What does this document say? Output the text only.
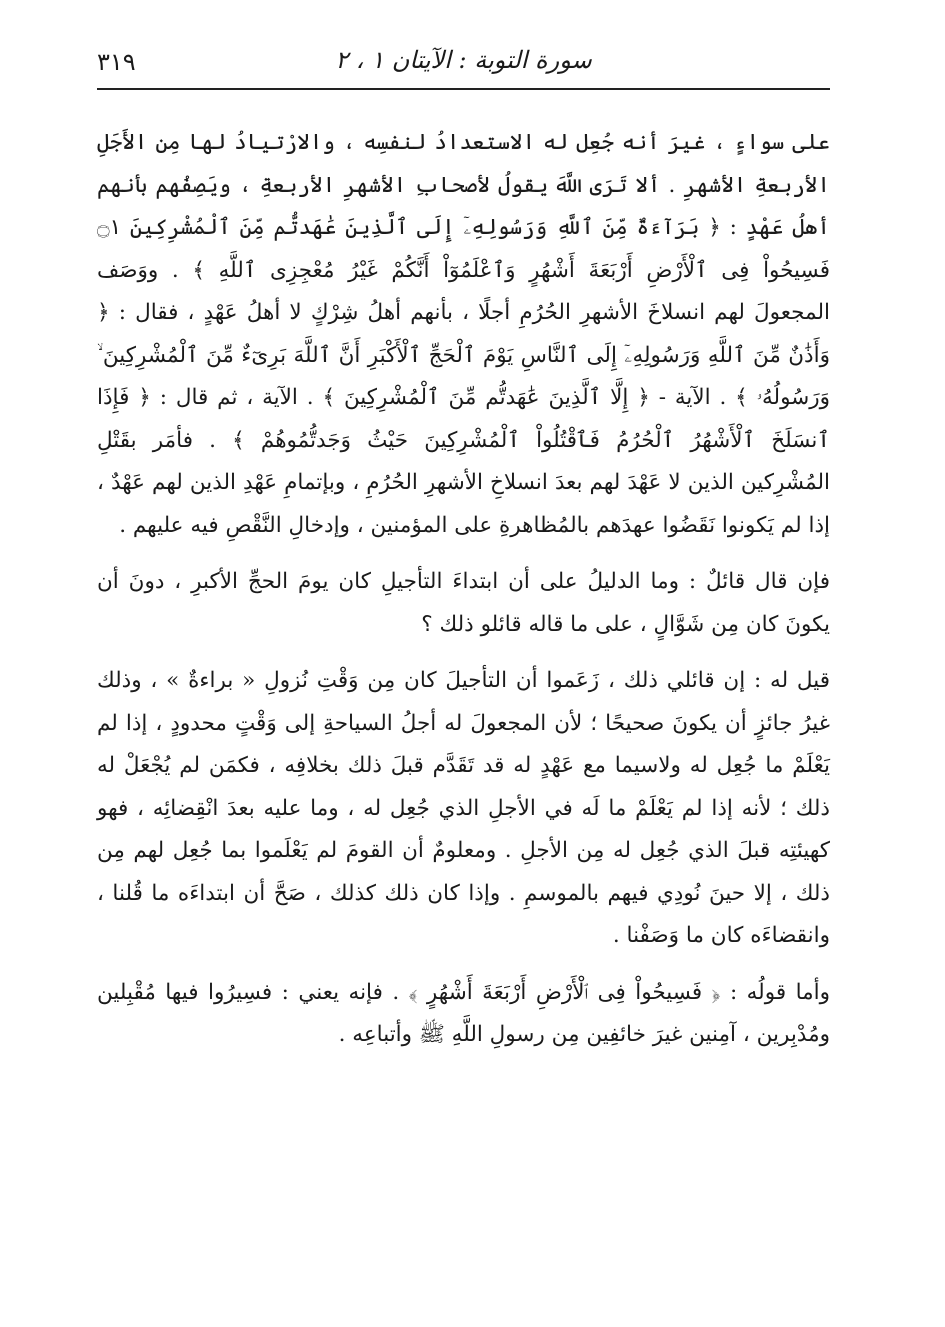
سورة التوبة : الآيتان ١ ، ٢
٣١٩

على سواءٍ ، غيرَ أنه جُعِل له الاستعدادُ لنفسِه ، والارْتيادُ لها مِن الأَجَلِ الأربعةِ الأشهرِ . ألا تَرَى اللَّهَ يقولُ لأصحابِ الأشهرِ الأربعةِ ، ويَصِفُهم بأنهم أهلُ عَهْدٍ : ﴿ بَرَآءَةٌ مِّنَ ٱللَّهِ وَرَسُولِهِۦٓ إِلَى ٱلَّذِينَ عَٰهَدتُّم مِّنَ ٱلْمُشْرِكِينَ ۝١ فَسِيحُواْ فِى ٱلْأَرْضِ أَرْبَعَةَ أَشْهُرٍ وَٱعْلَمُوٓاْ أَنَّكُمْ غَيْرُ مُعْجِزِى ٱللَّهِ ﴾ . ووَصَف المجعولَ لهم انسلاخَ الأشهرِ الحُرُمِ أجلًا ، بأنهم أهلُ شِرْكٍ لا أهلُ عَهْدٍ ، فقال : ﴿ وَأَذَٰنٌ مِّنَ ٱللَّهِ وَرَسُولِهِۦٓ إِلَى ٱلنَّاسِ يَوْمَ ٱلْحَجِّ ٱلْأَكْبَرِ أَنَّ ٱللَّهَ بَرِىٓءٌ مِّنَ ٱلْمُشْرِكِينَ ۙ وَرَسُولُهُۥ ﴾ . الآية - ﴿ إِلَّا ٱلَّذِينَ عَٰهَدتُّم مِّنَ ٱلْمُشْرِكِينَ ﴾ . الآية ، ثم قال : ﴿ فَإِذَا ٱنسَلَخَ ٱلْأَشْهُرُ ٱلْحُرُمُ فَٱقْتُلُواْ ٱلْمُشْرِكِينَ حَيْثُ وَجَدتُّمُوهُمْ ﴾ . فأمَر بقَتْلِ المُشْرِكين الذين لا عَهْدَ لهم بعدَ انسلاخِ الأشهرِ الحُرُمِ ، وبإتمامِ عَهْدِ الذين لهم عَهْدٌ ، إذا لم يَكونوا نَقَضُوا عهدَهم بالمُظاهرةِ على المؤمنين ، وإدخالِ النَّقْصِ فيه عليهم .

فإن قال قائلٌ : وما الدليلُ على أن ابتداءَ التأجيلِ كان يومَ الحجِّ الأكبرِ ، دونَ أن يكونَ كان مِن شَوَّالٍ ، على ما قاله قائلو ذلك ؟

قيل له : إن قائلي ذلك ، زَعَموا أن التأجيلَ كان مِن وَقْتِ نُزولِ « براءةٌ » ، وذلك غيرُ جائزٍ أن يكونَ صحيحًا ؛ لأن المجعولَ له أجلُ السياحةِ إلى وَقْتٍ محدودٍ ، إذا لم يَعْلَمْ ما جُعِل له ولاسيما مع عَهْدٍ له قد تَقَدَّم قبلَ ذلك بخلافِه ، فكمَن لم يُجْعَلْ له ذلك ؛ لأنه إذا لم يَعْلَمْ ما لَه في الأجلِ الذي جُعِل له ، وما عليه بعدَ انْقِضائِه ، فهو كهيئتِه قبلَ الذي جُعِل له مِن الأجلِ . ومعلومٌ أن القومَ لم يَعْلَموا بما جُعِل لهم مِن ذلك ، إلا حينَ نُودِي فيهم بالموسمِ . وإذا كان ذلك كذلك ، صَحَّ أن ابتداءَه ما قُلنا ، وانقضاءَه كان ما وَصَفْنا .

وأما قولُه : ﴿ فَسِيحُواْ فِى ٱلْأَرْضِ أَرْبَعَةَ أَشْهُرٍ ﴾ . فإنه يعني : فسِيرُوا فيها مُقْبِلين ومُدْبِرين ، آمِنين غيرَ خائفِين مِن رسولِ اللَّهِ ﷺ وأتباعِه .
